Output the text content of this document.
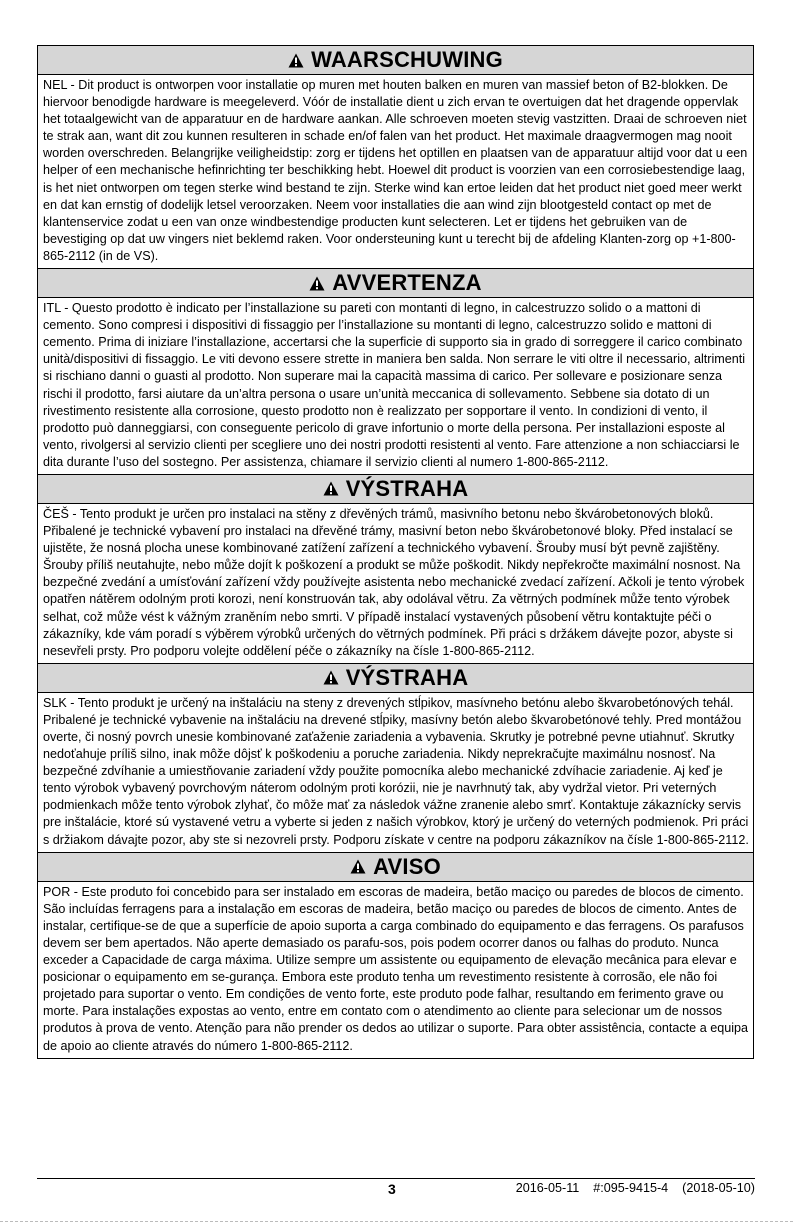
WAARSCHUWING
NEL - Dit product is ontworpen voor installatie op muren met houten balken en muren van massief beton of B2-blokken. De hiervoor benodigde hardware is meegeleverd. Vóór de installatie dient u zich ervan te overtuigen dat het dragende oppervlak het totaalgewicht van de apparatuur en de hardware aankan. Alle schroeven moeten stevig vastzitten. Draai de schroeven niet te strak aan, want dit zou kunnen resulteren in schade en/of falen van het product. Het maximale draagvermogen mag nooit worden overschreden. Belangrijke veiligheidstip: zorg er tijdens het optillen en plaatsen van de apparatuur altijd voor dat u een helper of een mechanische hefinrichting ter beschikking hebt. Hoewel dit product is voorzien van een corrosiebestendige laag, is het niet ontworpen om tegen sterke wind bestand te zijn. Sterke wind kan ertoe leiden dat het product niet goed meer werkt en dat kan ernstig of dodelijk letsel veroorzaken. Neem voor installaties die aan wind zijn blootgesteld contact op met de klantenservice zodat u een van onze windbestendige producten kunt selecteren. Let er tijdens het gebruiken van de bevestiging op dat uw vingers niet beklemd raken. Voor ondersteuning kunt u terecht bij de afdeling Klanten-zorg op +1-800-865-2112 (in de VS).
AVVERTENZA
ITL - Questo prodotto è indicato per l’installazione su pareti con montanti di legno, in calcestruzzo solido o a mattoni di cemento. Sono compresi i dispositivi di fissaggio per l’installazione su montanti di legno, calcestruzzo solido e mattoni di cemento. Prima di iniziare l’installazione, accertarsi che la superficie di supporto sia in grado di sorreggere il carico combinato unità/dispositivi di fissaggio. Le viti devono essere strette in maniera ben salda. Non serrare le viti oltre il necessario, altrimenti si rischiano danni o guasti al prodotto. Non superare mai la capacità massima di carico. Per sollevare e posizionare senza rischi il prodotto, farsi aiutare da un’altra persona o usare un’unità meccanica di sollevamento. Sebbene sia dotato di un rivestimento resistente alla corrosione, questo prodotto non è realizzato per sopportare il vento. In condizioni di vento, il prodotto può danneggiarsi, con conseguente pericolo di grave infortunio o morte della persona. Per installazioni esposte al vento, rivolgersi al servizio clienti per scegliere uno dei nostri prodotti resistenti al vento. Fare attenzione a non schiacciarsi le dita durante l’uso del sostegno. Per assistenza, chiamare il servizio clienti al numero 1-800-865-2112.
VÝSTRAHA
ČEŠ - Tento produkt je určen pro instalaci na stěny z dřevěných trámů, masivního betonu nebo škvárobetonových bloků. Přibalené je technické vybavení pro instalaci na dřevěné trámy, masivní beton nebo škvárobetonové bloky. Před instalací se ujistěte, že nosná plocha unese kombinované zatížení zařízení a technického vybavení. Šrouby musí být pevně zajištěny. Šrouby příliš neutahujte, nebo může dojít k poškození a produkt se může poškodit. Nikdy nepřekročte maximální nosnost. Na bezpečné zvedání a umísťování zařízení vždy používejte asistenta nebo mechanické zvedací zařízení. Ačkoli je tento výrobek opatřen nátěrem odolným proti korozi, není konstruován tak, aby odolával větru. Za větrných podmínek může tento výrobek selhat, což může vést k vážným zraněním nebo smrti. V případě instalací vystavených působení větru kontaktujte péči o zákazníky, kde vám poradí s výběrem výrobků určených do větrných podmínek. Při práci s držákem dávejte pozor, abyste si nesevřeli prsty. Pro podporu volejte oddělení péče o zákazníky na čísle 1-800-865-2112.
VÝSTRAHA
SLK - Tento produkt je určený na inštaláciu na steny z drevených stĺpikov, masívneho betónu alebo škvarobetónových tehál. Pribalené je technické vybavenie na inštaláciu na drevené stĺpiky, masívny betón alebo škvarobetónové tehly. Pred montážou overte, či nosný povrch unesie kombinované zaťaženie zariadenia a vybavenia. Skrutky je potrebné pevne utiahnuť. Skrutky nedoťahuje príliš silno, inak môže dôjsť k poškodeniu a poruche zariadenia. Nikdy neprekračujte maximálnu nosnosť. Na bezpečné zdvíhanie a umiestňovanie zariadení vždy použite pomocníka alebo mechanické zdvíhacie zariadenie. Aj keď je tento výrobok vybavený povrchovým náterom odolným proti korózii, nie je navrhnutý tak, aby vydržal vietor. Pri veterných podmienkach môže tento výrobok zlyhať, čo môže mať za následok vážne zranenie alebo smrť. Kontaktuje zákaznícky servis pre inštalácie, ktoré sú vystavené vetru a vyberte si jeden z našich výrobkov, ktorý je určený do veterných podmienok. Pri práci s držiakom dávajte pozor, aby ste si nezovreli prsty. Podporu získate v centre na podporu zákazníkov na čísle 1-800-865-2112.
AVISO
POR - Este produto foi concebido para ser instalado em escoras de madeira, betão maciço ou paredes de blocos de cimento. São incluídas ferragens para a instalação em escoras de madeira, betão maciço ou paredes de blocos de cimento. Antes de instalar, certifique-se de que a superfície de apoio suporta a carga combinado do equipamento e das ferragens. Os parafusos devem ser bem apertados. Não aperte demasiado os parafu-sos, pois podem ocorrer danos ou falhas do produto. Nunca exceder a Capacidade de carga máxima. Utilize sempre um assistente ou equipamento de elevação mecânica para elevar e posicionar o equipamento em se-gurança. Embora este produto tenha um revestimento resistente à corrosão, ele não foi projetado para suportar o vento. Em condições de vento forte, este produto pode falhar, resultando em ferimento grave ou morte. Para instalações expostas ao vento, entre em contato com o atendimento ao cliente para selecionar um de nossos produtos à prova de vento. Atenção para não prender os dedos ao utilizar o suporte. Para obter assistência, contacte a equipa de apoio ao cliente através do número 1-800-865-2112.
3	2016-05-11    #:095-9415-4    (2018-05-10)
